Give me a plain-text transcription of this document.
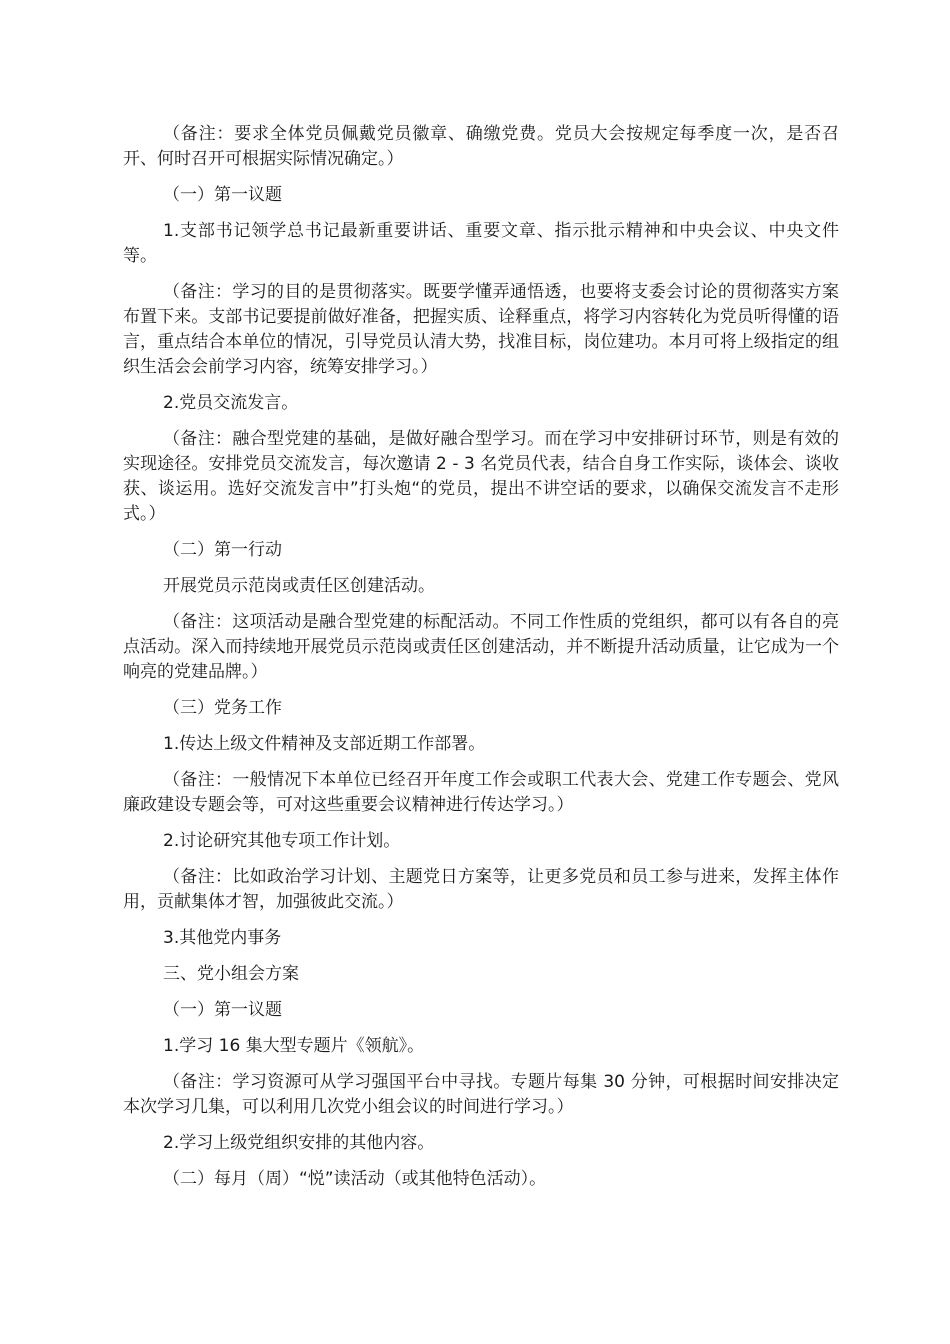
（备注：要求全体党员佩戴党员徽章、确缴党费。党员大会按规定每季度一次，是否召开、何时召开可根据实际情况确定。）

（一）第一议题

1.支部书记领学总书记最新重要讲话、重要文章、指示批示精神和中央会议、中央文件等。

（备注：学习的目的是贯彻落实。既要学懂弄通悟透，也要将支委会讨论的贯彻落实方案布置下来。支部书记要提前做好准备，把握实质、诠释重点，将学习内容转化为党员听得懂的语言，重点结合本单位的情况，引导党员认清大势，找准目标，岗位建功。本月可将上级指定的组织生活会会前学习内容，统筹安排学习。）

2.党员交流发言。

（备注：融合型党建的基础，是做好融合型学习。而在学习中安排研讨环节，则是有效的实现途径。安排党员交流发言，每次邀请 2 - 3 名党员代表，结合自身工作实际，谈体会、谈收获、谈运用。选好交流发言中”打头炮“的党员，提出不讲空话的要求，以确保交流发言不走形式。）

（二）第一行动

开展党员示范岗或责任区创建活动。

（备注：这项活动是融合型党建的标配活动。不同工作性质的党组织，都可以有各自的亮点活动。深入而持续地开展党员示范岗或责任区创建活动，并不断提升活动质量，让它成为一个响亮的党建品牌。）

（三）党务工作

1.传达上级文件精神及支部近期工作部署。

（备注：一般情况下本单位已经召开年度工作会或职工代表大会、党建工作专题会、党风廉政建设专题会等，可对这些重要会议精神进行传达学习。）

2.讨论研究其他专项工作计划。

（备注：比如政治学习计划、主题党日方案等，让更多党员和员工参与进来，发挥主体作用，贡献集体才智，加强彼此交流。）

3.其他党内事务

三、党小组会方案

（一）第一议题

1.学习 16 集大型专题片《领航》。

（备注：学习资源可从学习强国平台中寻找。专题片每集 30 分钟，可根据时间安排决定本次学习几集，可以利用几次党小组会议的时间进行学习。）

2.学习上级党组织安排的其他内容。

（二）每月（周）“悦”读活动（或其他特色活动）。
